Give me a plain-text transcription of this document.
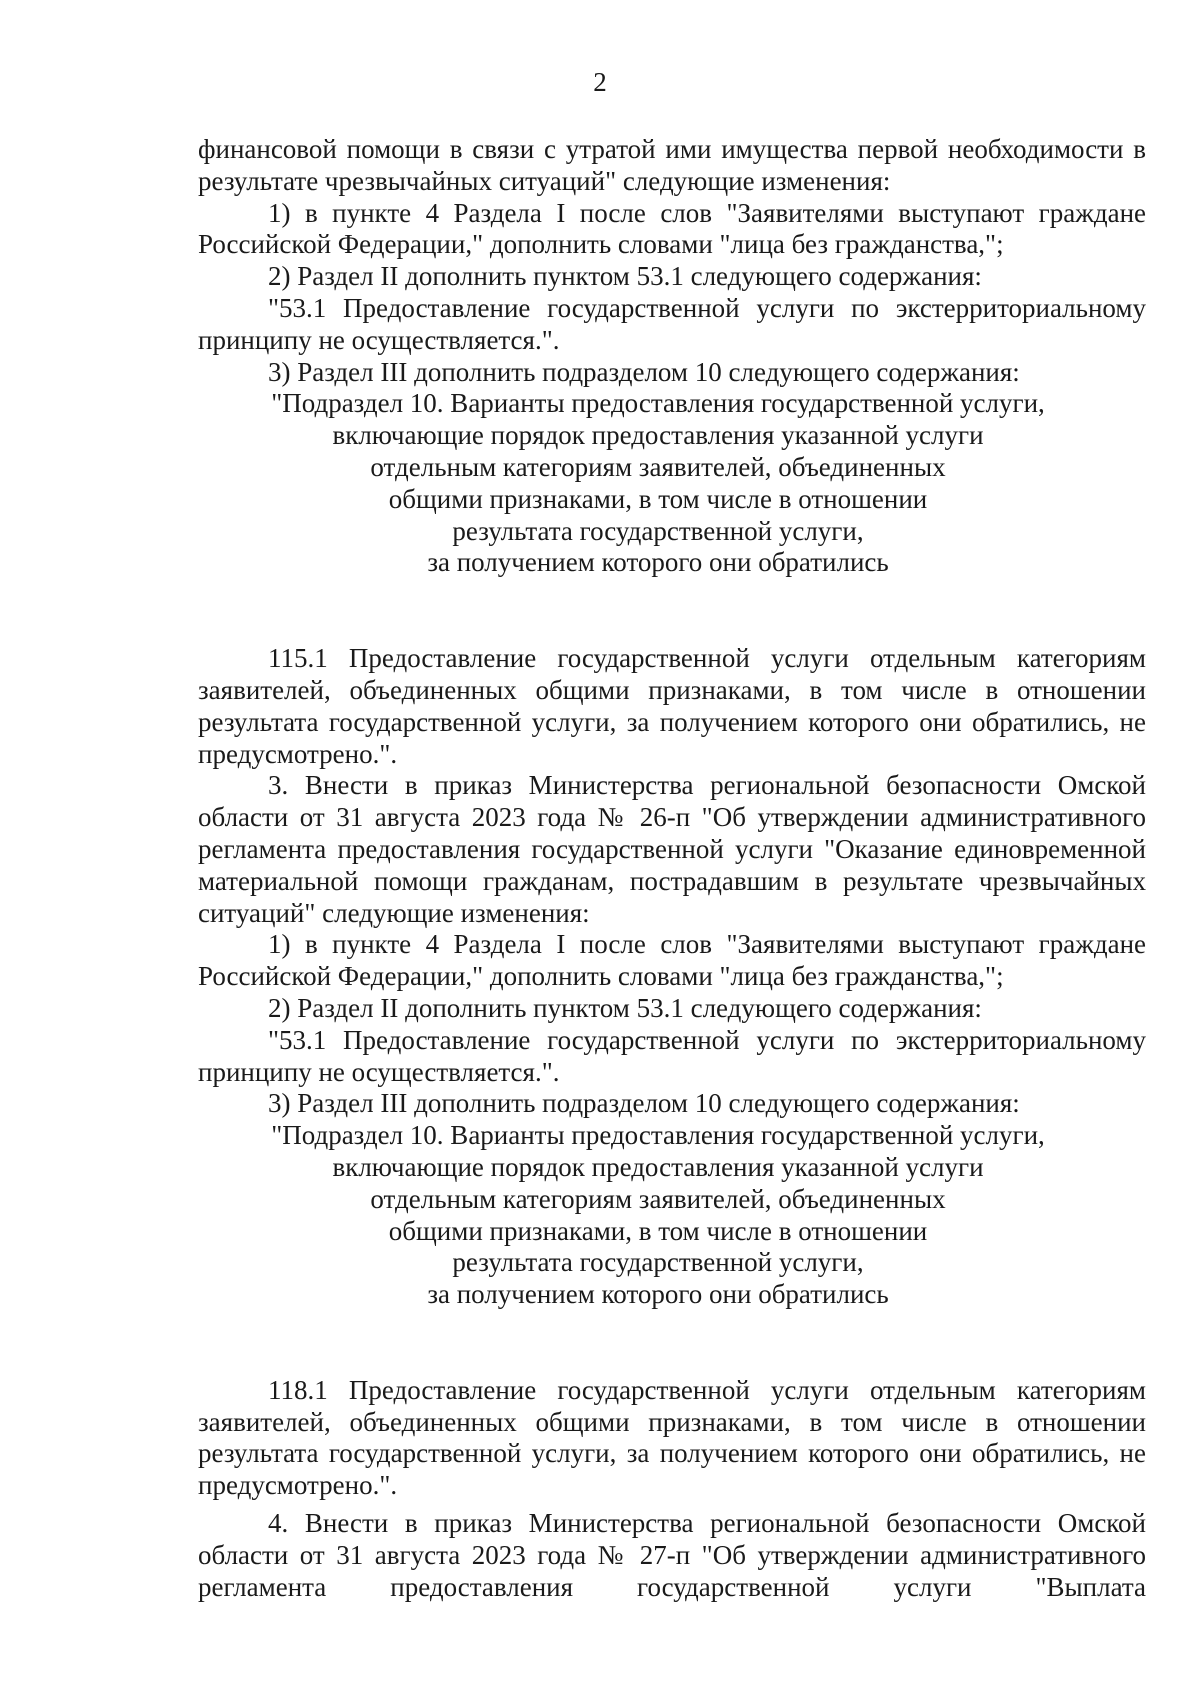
2

финансовой помощи в связи с утратой ими имущества первой необходимости в результате чрезвычайных ситуаций" следующие изменения:

1) в пункте 4 Раздела I после слов "Заявителями выступают граждане Российской Федерации," дополнить словами "лица без гражданства,";

2) Раздел II дополнить пунктом 53.1 следующего содержания:

"53.1 Предоставление государственной услуги по экстерриториальному принципу не осуществляется.".

3) Раздел III дополнить подразделом 10 следующего содержания:

"Подраздел 10. Варианты предоставления государственной услуги,
включающие порядок предоставления указанной услуги
отдельным категориям заявителей, объединенных
общими признаками, в том числе в отношении
результата государственной услуги,
за получением которого они обратились

115.1 Предоставление государственной услуги отдельным категориям заявителей, объединенных общими признаками, в том числе в отношении результата государственной услуги, за получением которого они обратились, не предусмотрено.".

3. Внести в приказ Министерства региональной безопасности Омской области от 31 августа 2023 года № 26-п "Об утверждении административного регламента предоставления государственной услуги "Оказание единовременной материальной помощи гражданам, пострадавшим в результате чрезвычайных ситуаций" следующие изменения:

1) в пункте 4 Раздела I после слов "Заявителями выступают граждане Российской Федерации," дополнить словами "лица без гражданства,";

2) Раздел II дополнить пунктом 53.1 следующего содержания:

"53.1 Предоставление государственной услуги по экстерриториальному принципу не осуществляется.".

3) Раздел III дополнить подразделом 10 следующего содержания:

"Подраздел 10. Варианты предоставления государственной услуги,
включающие порядок предоставления указанной услуги
отдельным категориям заявителей, объединенных
общими признаками, в том числе в отношении
результата государственной услуги,
за получением которого они обратились

118.1 Предоставление государственной услуги отдельным категориям заявителей, объединенных общими признаками, в том числе в отношении результата государственной услуги, за получением которого они обратились, не предусмотрено.".

4. Внести в приказ Министерства региональной безопасности Омской области от 31 августа 2023 года № 27-п "Об утверждении административного регламента предоставления государственной услуги "Выплата
